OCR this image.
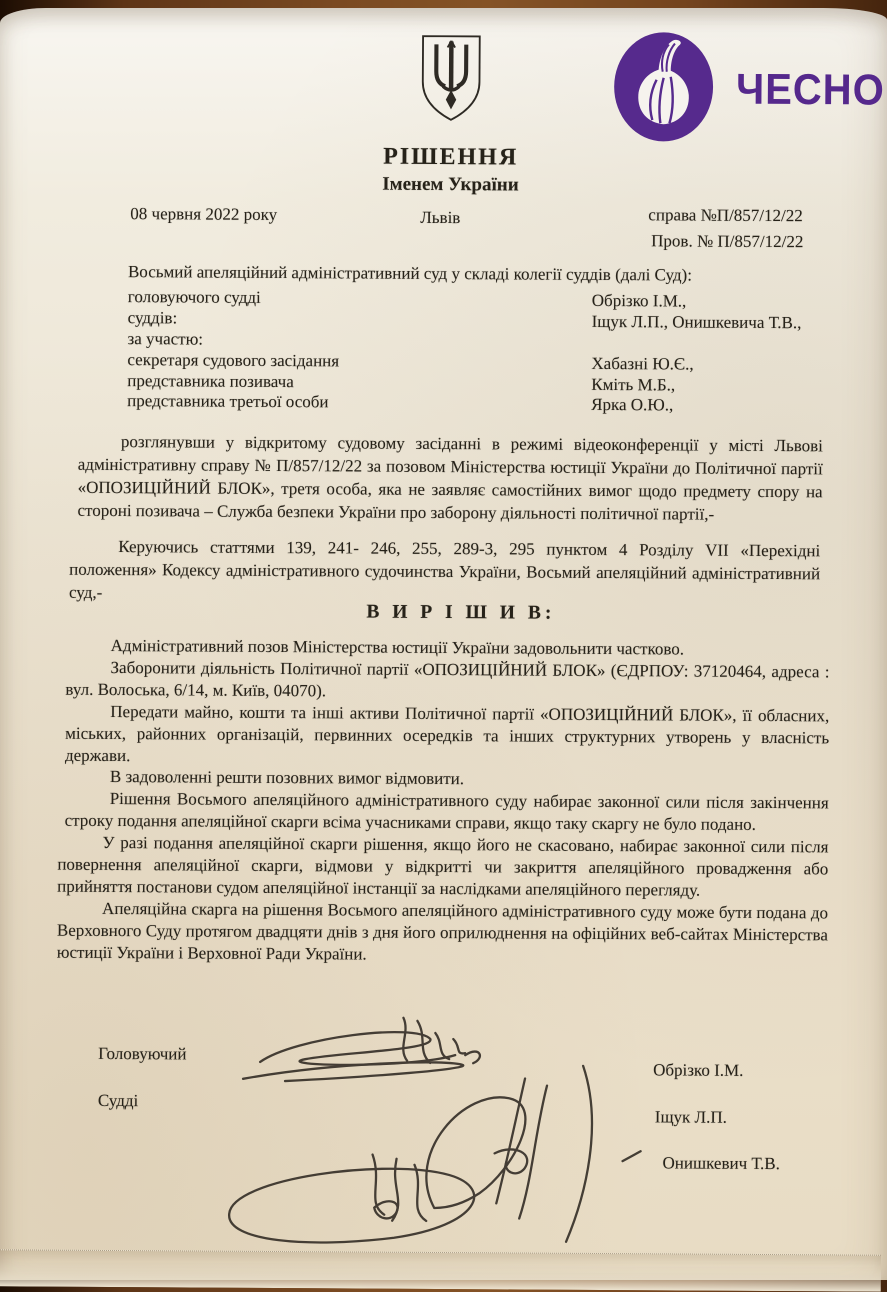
ЧЕСНО
РІШЕННЯ
Іменем України
08 червня 2022 року	Львів	справа №П/857/12/22
Пров. № П/857/12/22
Восьмий апеляційний адміністративний суд у складі колегії суддів (далі Суд):
головуючого судді	Обрізко І.М.,
суддів:	Іщук Л.П., Онишкевича Т.В.,
за участю:
секретаря судового засідання	Хабазні Ю.Є.,
представника позивача	Кміть М.Б.,
представника третьої особи	Ярка О.Ю.,

розглянувши у відкритому судовому засіданні в режимі відеоконференції у місті Львові адміністративну справу № П/857/12/22 за позовом Міністерства юстиції України до Політичної партії «ОПОЗИЦІЙНИЙ БЛОК», третя особа, яка не заявляє самостійних вимог щодо предмету спору на стороні позивача – Служба безпеки України про заборону діяльності політичної партії,-

Керуючись статтями 139, 241- 246, 255, 289-3, 295 пунктом 4 Розділу VII «Перехідні положення» Кодексу адміністративного судочинства України, Восьмий апеляційний адміністративний суд,-

В И Р І Ш И В:

Адміністративний позов Міністерства юстиції України задовольнити частково.

Заборонити діяльність Політичної партії «ОПОЗИЦІЙНИЙ БЛОК» (ЄДРПОУ: 37120464, адреса : вул. Волоська, 6/14, м. Київ, 04070).

Передати майно, кошти та інші активи Політичної партії «ОПОЗИЦІЙНИЙ БЛОК», її обласних, міських, районних організацій, первинних осередків та інших структурних утворень у власність держави.

В задоволенні решти позовних вимог відмовити.

Рішення Восьмого апеляційного адміністративного суду набирає законної сили після закінчення строку подання апеляційної скарги всіма учасниками справи, якщо таку скаргу не було подано.

У разі подання апеляційної скарги рішення, якщо його не скасовано, набирає законної сили після повернення апеляційної скарги, відмови у відкритті чи закриття апеляційного провадження або прийняття постанови судом апеляційної інстанції за наслідками апеляційного перегляду.

Апеляційна скарга на рішення Восьмого апеляційного адміністративного суду може бути подана до Верховного Суду протягом двадцяти днів з дня його оприлюднення на офіційних веб-сайтах Міністерства юстиції України і Верховної Ради України.

Головуючий
Судді
Обрізко І.М.
Іщук Л.П.
Онишкевич Т.В.
